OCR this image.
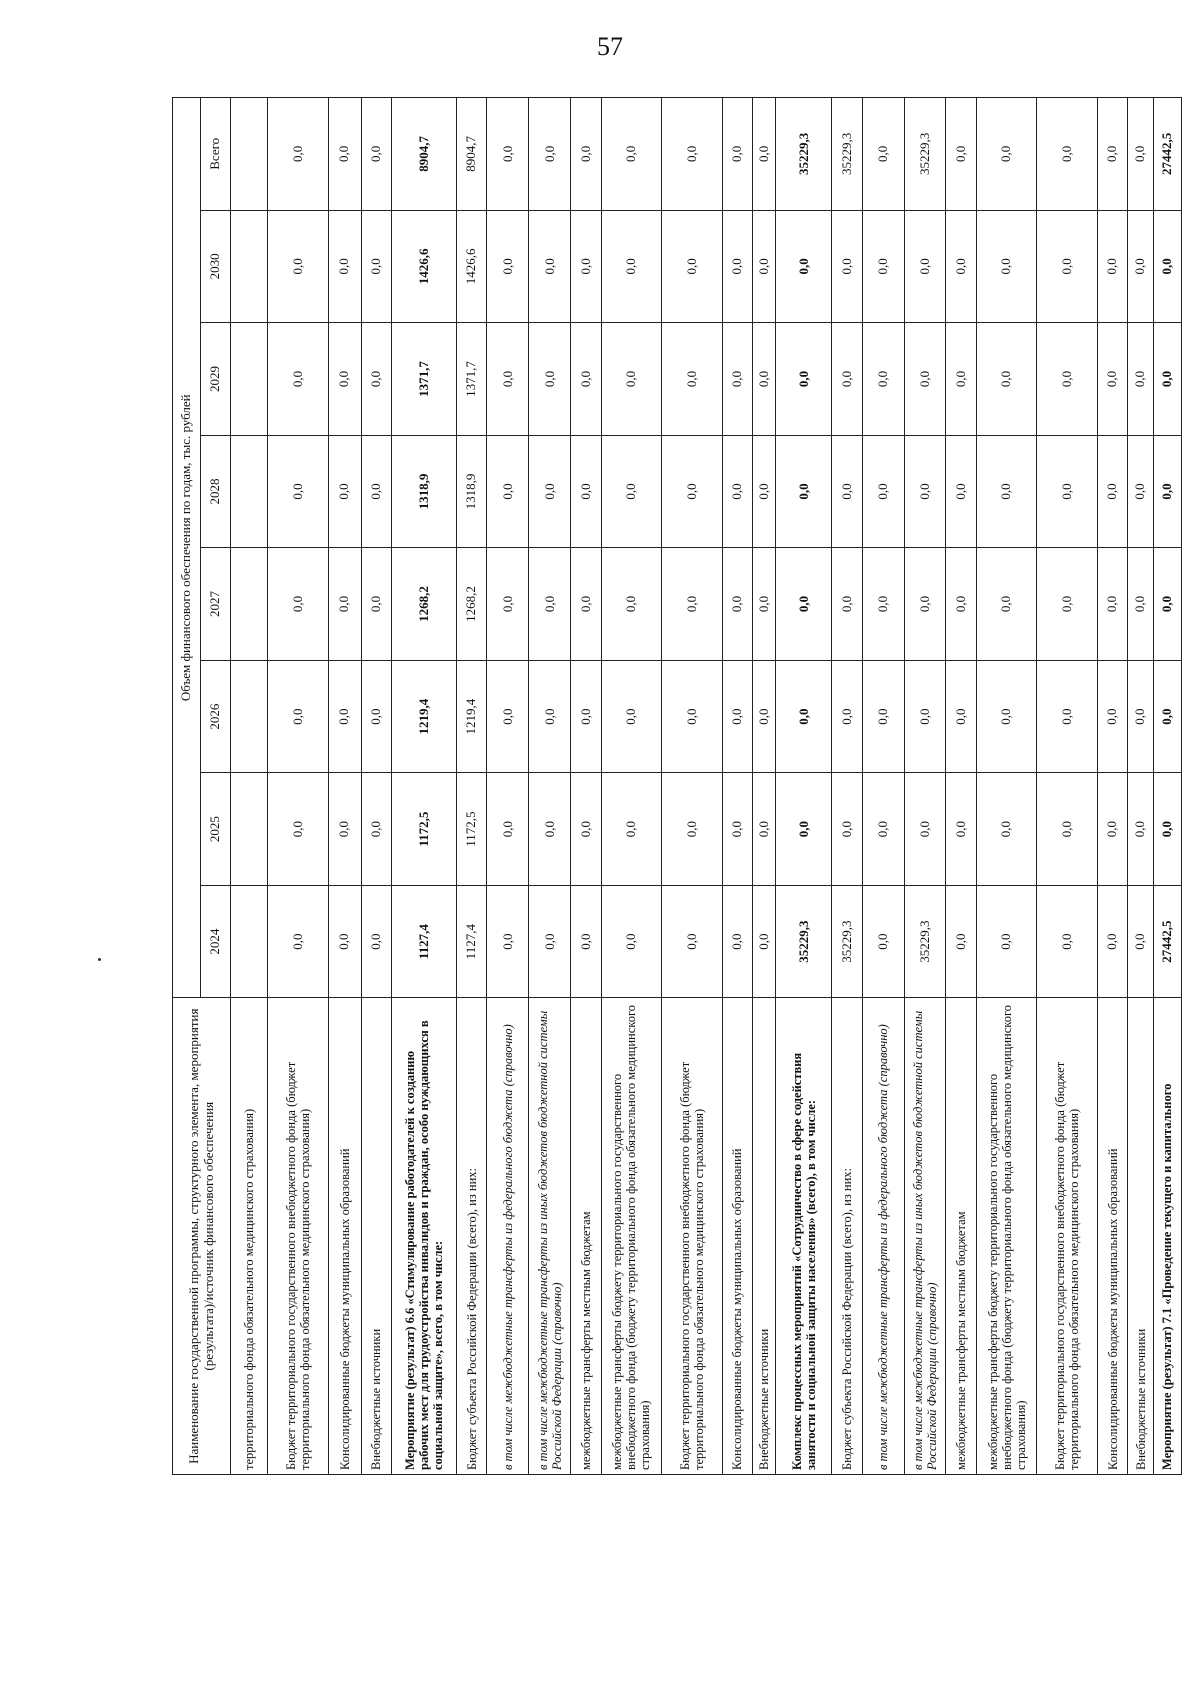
57
Наименование государственной программы, структурного элемента, мероприятия (результата)/источник финансового обеспечения	Объем финансового обеспечения по годам, тыс. рублей							
	2024	2025	2026	2027	2028	2029	2030	Всего
территориального фонда обязательного медицинского страхования)								
Бюджет территориального государственного внебюджетного фонда (бюджет территориального фонда обязательного медицинского страхования)	0,0	0,0	0,0	0,0	0,0	0,0	0,0	0,0
Консолидированные бюджеты муниципальных образований	0,0	0,0	0,0	0,0	0,0	0,0	0,0	0,0
Внебюджетные источники	0,0	0,0	0,0	0,0	0,0	0,0	0,0	0,0
Мероприятие (результат) 6.6 «Стимулирование работодателей к созданию рабочих мест для трудоустройства инвалидов и граждан, особо нуждающихся в социальной защите», всего, в том числе:	1127,4	1172,5	1219,4	1268,2	1318,9	1371,7	1426,6	8904,7
Бюджет субъекта Российской Федерации (всего), из них:	1127,4	1172,5	1219,4	1268,2	1318,9	1371,7	1426,6	8904,7
в том числе межбюджетные трансферты из федерального бюджета (справочно)	0,0	0,0	0,0	0,0	0,0	0,0	0,0	0,0
в том числе межбюджетные трансферты из иных бюджетов бюджетной системы Российской Федерации (справочно)	0,0	0,0	0,0	0,0	0,0	0,0	0,0	0,0
межбюджетные трансферты местным бюджетам	0,0	0,0	0,0	0,0	0,0	0,0	0,0	0,0
межбюджетные трансферты бюджету территориального государственного внебюджетного фонда (бюджету территориального фонда обязательного медицинского страхования)	0,0	0,0	0,0	0,0	0,0	0,0	0,0	0,0
Бюджет территориального государственного внебюджетного фонда (бюджет территориального фонда обязательного медицинского страхования)	0,0	0,0	0,0	0,0	0,0	0,0	0,0	0,0
Консолидированные бюджеты муниципальных образований	0,0	0,0	0,0	0,0	0,0	0,0	0,0	0,0
Внебюджетные источники	0,0	0,0	0,0	0,0	0,0	0,0	0,0	0,0
Комплекс процессных мероприятий «Сотрудничество в сфере содействия занятости и социальной защиты населения» (всего), в том числе:	35229,3	0,0	0,0	0,0	0,0	0,0	0,0	35229,3
Бюджет субъекта Российской Федерации (всего), из них:	35229,3	0,0	0,0	0,0	0,0	0,0	0,0	35229,3
в том числе межбюджетные трансферты из федерального бюджета (справочно)	0,0	0,0	0,0	0,0	0,0	0,0	0,0	0,0
в том числе межбюджетные трансферты из иных бюджетов бюджетной системы Российской Федерации (справочно)	35229,3	0,0	0,0	0,0	0,0	0,0	0,0	35229,3
межбюджетные трансферты местным бюджетам	0,0	0,0	0,0	0,0	0,0	0,0	0,0	0,0
межбюджетные трансферты бюджету территориального государственного внебюджетного фонда (бюджету территориального фонда обязательного медицинского страхования)	0,0	0,0	0,0	0,0	0,0	0,0	0,0	0,0
Бюджет территориального государственного внебюджетного фонда (бюджет территориального фонда обязательного медицинского страхования)	0,0	0,0	0,0	0,0	0,0	0,0	0,0	0,0
Консолидированные бюджеты муниципальных образований	0,0	0,0	0,0	0,0	0,0	0,0	0,0	0,0
Внебюджетные источники	0,0	0,0	0,0	0,0	0,0	0,0	0,0	0,0
Мероприятие (результат) 7.1 «Проведение текущего и капитального	27442,5	0,0	0,0	0,0	0,0	0,0	0,0	27442,5
